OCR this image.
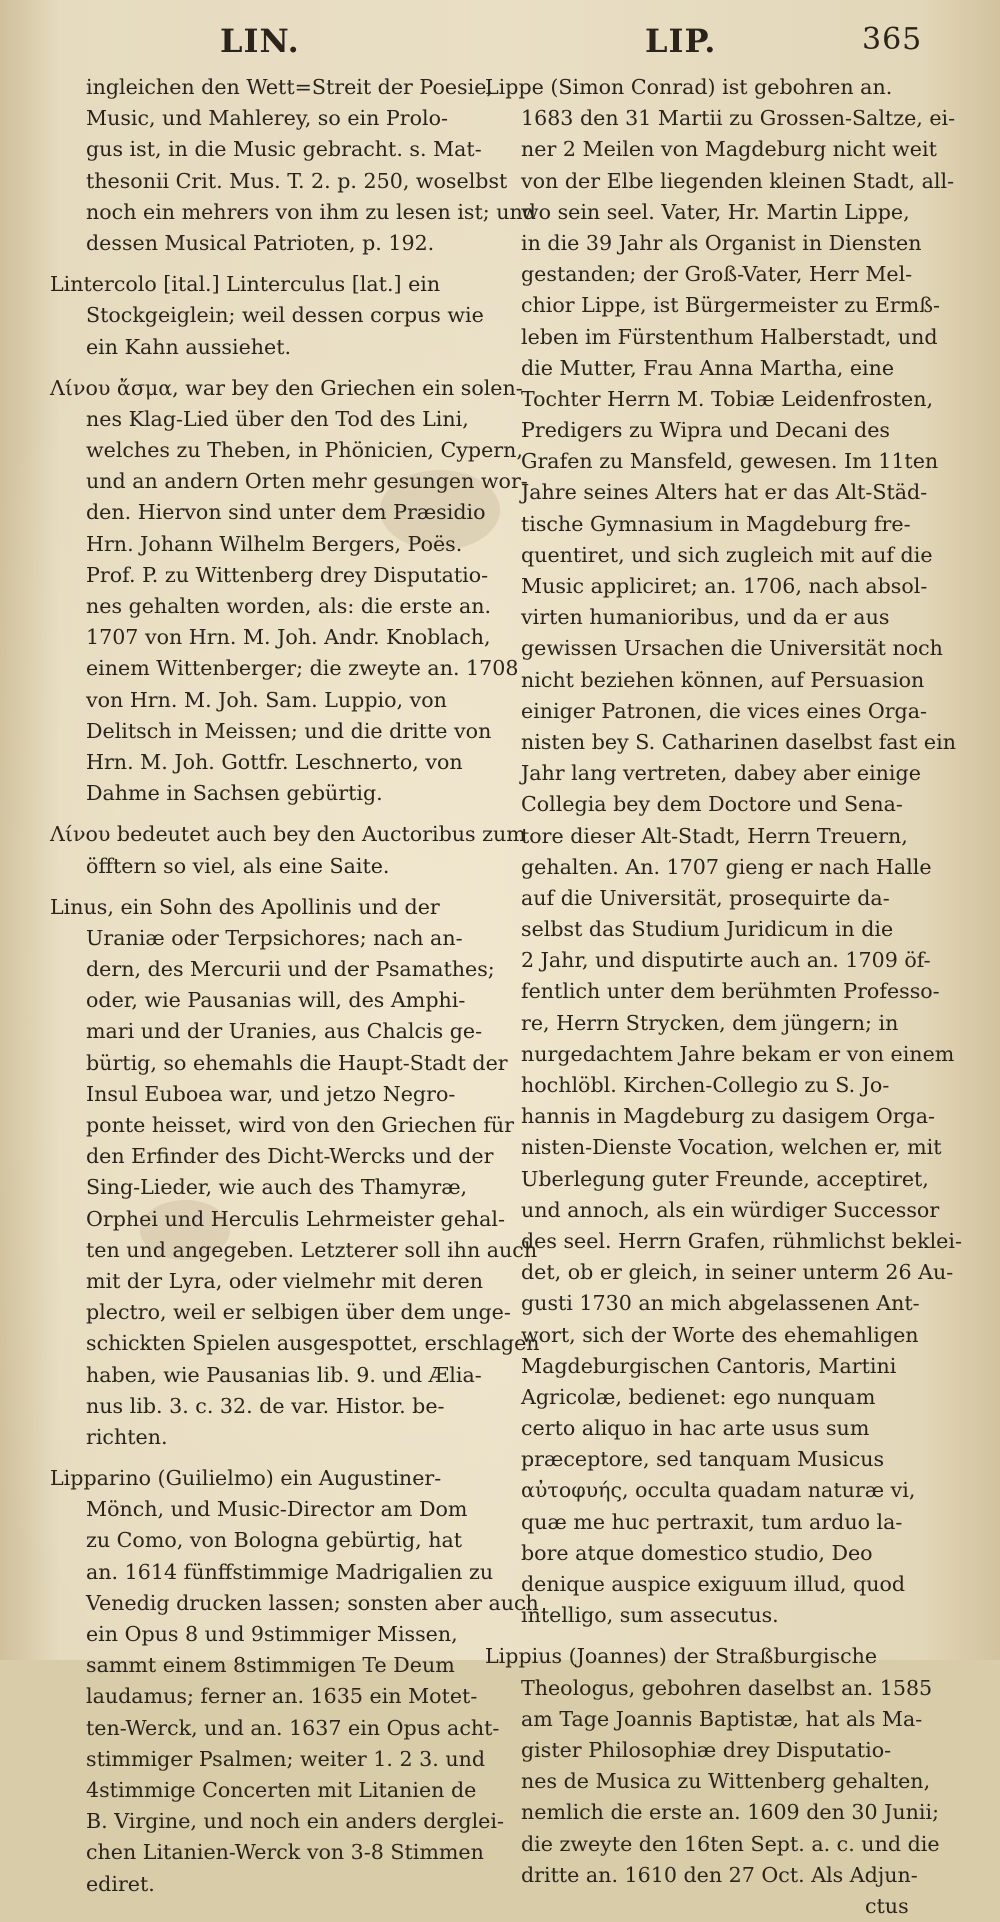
LIN.	LIP.	365
ingleichen den Wett=Streit der Poesie,
Music, und Mahlerey, so ein Prolo-
gus ist, in die Music gebracht. s. Mat-
thesonii Crit. Mus. T. 2. p. 250, woselbst
noch ein mehrers von ihm zu lesen ist; und
dessen Musical Patrioten, p. 192.
Lintercolo [ital.] Linterculus [lat.] ein
Stockgeiglein; weil dessen corpus wie
ein Kahn aussiehet.
Λίνου ἄσμα, war bey den Griechen ein solen-
nes Klag-Lied über den Tod des Lini,
welches zu Theben, in Phönicien, Cypern,
und an andern Orten mehr gesungen wor-
den. Hiervon sind unter dem Præsidio
Hrn. Johann Wilhelm Bergers, Poës.
Prof. P. zu Wittenberg drey Disputatio-
nes gehalten worden, als: die erste an.
1707 von Hrn. M. Joh. Andr. Knoblach,
einem Wittenberger; die zweyte an. 1708
von Hrn. M. Joh. Sam. Luppio, von
Delitsch in Meissen; und die dritte von
Hrn. M. Joh. Gottfr. Leschnerto, von
Dahme in Sachsen gebürtig.
Λίνου bedeutet auch bey den Auctoribus zum
öfftern so viel, als eine Saite.
Linus, ein Sohn des Apollinis und der
Uraniæ oder Terpsichores; nach an-
dern, des Mercurii und der Psamathes;
oder, wie Pausanias will, des Amphi-
mari und der Uranies, aus Chalcis ge-
bürtig, so ehemahls die Haupt-Stadt der
Insul Euboea war, und jetzo Negro-
ponte heisset, wird von den Griechen für
den Erfinder des Dicht-Wercks und der
Sing-Lieder, wie auch des Thamyræ,
Orphei und Herculis Lehrmeister gehal-
ten und angegeben. Letzterer soll ihn auch
mit der Lyra, oder vielmehr mit deren
plectro, weil er selbigen über dem unge-
schickten Spielen ausgespottet, erschlagen
haben, wie Pausanias lib. 9. und Ælia-
nus lib. 3. c. 32. de var. Histor. be-
richten.
Lipparino (Guilielmo) ein Augustiner-
Mönch, und Music-Director am Dom
zu Como, von Bologna gebürtig, hat
an. 1614 fünffstimmige Madrigalien zu
Venedig drucken lassen; sonsten aber auch
ein Opus 8 und 9stimmiger Missen,
sammt einem 8stimmigen Te Deum
laudamus; ferner an. 1635 ein Motet-
ten-Werck, und an. 1637 ein Opus acht-
stimmiger Psalmen; weiter 1. 2 3. und
4stimmige Concerten mit Litanien de
B. Virgine, und noch ein anders derglei-
chen Litanien-Werck von 3-8 Stimmen
ediret.
Lippe (Simon Conrad) ist gebohren an.
1683 den 31 Martii zu Grossen-Saltze, ei-
ner 2 Meilen von Magdeburg nicht weit
von der Elbe liegenden kleinen Stadt, all-
wo sein seel. Vater, Hr. Martin Lippe,
in die 39 Jahr als Organist in Diensten
gestanden; der Groß-Vater, Herr Mel-
chior Lippe, ist Bürgermeister zu Ermß-
leben im Fürstenthum Halberstadt, und
die Mutter, Frau Anna Martha, eine
Tochter Herrn M. Tobiæ Leidenfrosten,
Predigers zu Wipra und Decani des
Grafen zu Mansfeld, gewesen. Im 11ten
Jahre seines Alters hat er das Alt-Städ-
tische Gymnasium in Magdeburg fre-
quentiret, und sich zugleich mit auf die
Music appliciret; an. 1706, nach absol-
virten humanioribus, und da er aus
gewissen Ursachen die Universität noch
nicht beziehen können, auf Persuasion
einiger Patronen, die vices eines Orga-
nisten bey S. Catharinen daselbst fast ein
Jahr lang vertreten, dabey aber einige
Collegia bey dem Doctore und Sena-
tore dieser Alt-Stadt, Herrn Treuern,
gehalten. An. 1707 gieng er nach Halle
auf die Universität, prosequirte da-
selbst das Studium Juridicum in die
2 Jahr, und disputirte auch an. 1709 öf-
fentlich unter dem berühmten Professo-
re, Herrn Strycken, dem jüngern; in
nurgedachtem Jahre bekam er von einem
hochlöbl. Kirchen-Collegio zu S. Jo-
hannis in Magdeburg zu dasigem Orga-
nisten-Dienste Vocation, welchen er, mit
Uberlegung guter Freunde, acceptiret,
und annoch, als ein würdiger Successor
des seel. Herrn Grafen, rühmlichst beklei-
det, ob er gleich, in seiner unterm 26 Au-
gusti 1730 an mich abgelassenen Ant-
wort, sich der Worte des ehemahligen
Magdeburgischen Cantoris, Martini
Agricolæ, bedienet: ego nunquam
certo aliquo in hac arte usus sum
præceptore, sed tanquam Musicus
αὐτοφυής, occulta quadam naturæ vi,
quæ me huc pertraxit, tum arduo la-
bore atque domestico studio, Deo
denique auspice exiguum illud, quod
intelligo, sum assecutus.
Lippius (Joannes) der Straßburgische
Theologus, gebohren daselbst an. 1585
am Tage Joannis Baptistæ, hat als Ma-
gister Philosophiæ drey Disputatio-
nes de Musica zu Wittenberg gehalten,
nemlich die erste an. 1609 den 30 Junii;
die zweyte den 16ten Sept. a. c. und die
dritte an. 1610 den 27 Oct. Als Adjun-
ctus
